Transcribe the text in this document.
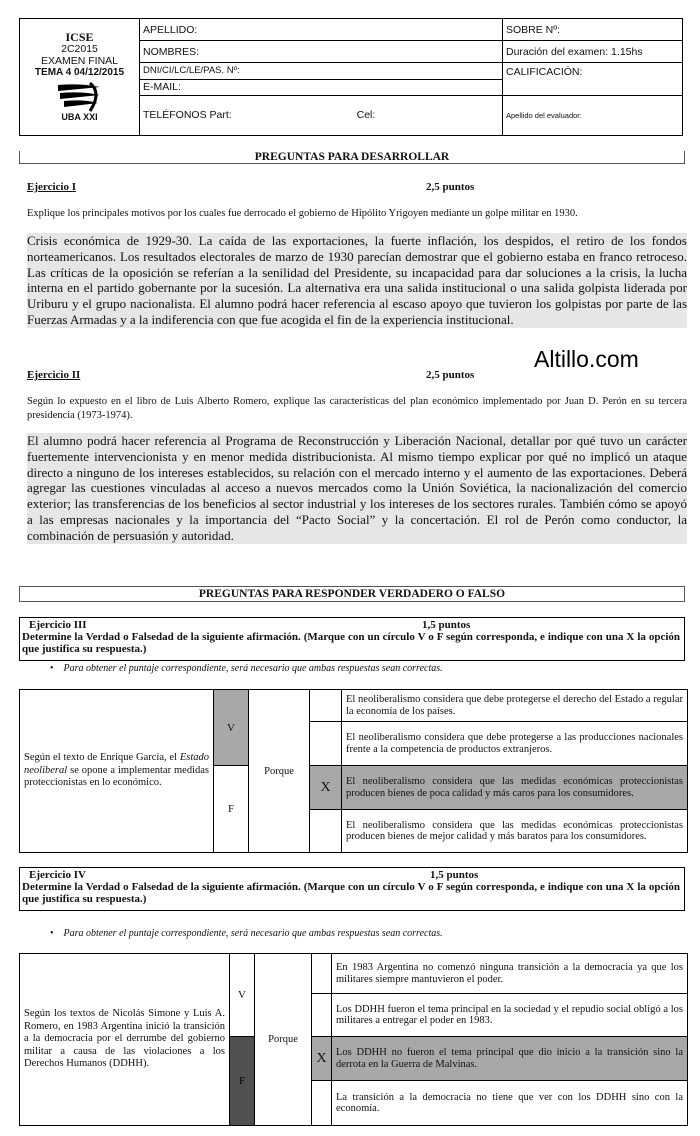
ICSE
2C2015
EXAMEN FINAL
TEMA 4 04/12/2015
UBA XXI	APELLIDO:	SOBRE Nº:
	NOMBRES:	Duración del examen: 1.15hs
	DNI/CI/LC/LE/PAS. Nº:	CALIFICACIÓN:
	E-MAIL:	
	TELÉFONOS Part: Cel:	Apellido del evaluador:
PREGUNTAS PARA DESARROLLAR
Ejercicio I	2,5 puntos
Explique los principales motivos por los cuales fue derrocado el gobierno de Hipólito Yrigoyen mediante un golpe militar en 1930.
Crisis económica de 1929-30. La caída de las exportaciones, la fuerte inflación, los despidos, el retiro de los fondos norteamericanos. Los resultados electorales de marzo de 1930 parecían demostrar que el gobierno estaba en franco retroceso. Las críticas de la oposición se referían a la senilidad del Presidente, su incapacidad para dar soluciones a la crisis, la lucha interna en el partido gobernante por la sucesión. La alternativa era una salida institucional o una salida golpista liderada por Uriburu y el grupo nacionalista. El alumno podrá hacer referencia al escaso apoyo que tuvieron los golpistas por parte de las Fuerzas Armadas y a la indiferencia con que fue acogida el fin de la experiencia institucional.
Altillo.com
Ejercicio II	2,5 puntos
Según lo expuesto en el libro de Luis Alberto Romero, explique las características del plan económico implementado por Juan D. Perón en su tercera presidencia (1973-1974).
El alumno podrá hacer referencia al Programa de Reconstrucción y Liberación Nacional, detallar por qué tuvo un carácter fuertemente intervencionista y en menor medida distribucionista. Al mismo tiempo explicar por qué no implicó un ataque directo a ninguno de los intereses establecidos, su relación con el mercado interno y el aumento de las exportaciones. Deberá agregar las cuestiones vinculadas al acceso a nuevos mercados como la Unión Soviética, la nacionalización del comercio exterior; las transferencias de los beneficios al sector industrial y los intereses de los sectores rurales. También cómo se apoyó a las empresas nacionales y la importancia del “Pacto Social” y la concertación. El rol de Perón como conductor, la combinación de persuasión y autoridad.
PREGUNTAS PARA RESPONDER VERDADERO O FALSO
Ejercicio III	1,5 puntos
Determine la Verdad o Falsedad de la siguiente afirmación. (Marque con un círculo V o F según corresponda, e indique con una X la opción que justifica su respuesta.)
• Para obtener el puntaje correspondiente, será necesario que ambas respuestas sean correctas.
Según el texto de Enrique García, el Estado neoliberal se opone a implementar medidas proteccionistas en lo económico.	V	Porque		El neoliberalismo considera que debe protegerse el derecho del Estado a regular la economía de los países.
				El neoliberalismo considera que debe protegerse a las producciones nacionales frente a la competencia de productos extranjeros.
	F		X	El neoliberalismo considera que las medidas económicas proteccionistas producen bienes de poca calidad y más caros para los consumidores.
				El neoliberalismo considera que las medidas económicas proteccionistas producen bienes de mejor calidad y más baratos para los consumidores.
Ejercicio IV	1,5 puntos
Determine la Verdad o Falsedad de la siguiente afirmación. (Marque con un círculo V o F según corresponda, e indique con una X la opción que justifica su respuesta.)
• Para obtener el puntaje correspondiente, será necesario que ambas respuestas sean correctas.
Según los textos de Nicolás Simone y Luis A. Romero, en 1983 Argentina inició la transición a la democracia por el derrumbe del gobierno militar a causa de las violaciones a los Derechos Humanos (DDHH).	V	Porque		En 1983 Argentina no comenzó ninguna transición a la democracia ya que los militares siempre mantuvieron el poder.
				Los DDHH fueron el tema principal en la sociedad y el repudio social obligó a los militares a entregar el poder en 1983.
	F		X	Los DDHH no fueron el tema principal que dio inicio a la transición sino la derrota en la Guerra de Malvinas.
				La transición a la democracia no tiene que ver con los DDHH sino con la economía.
